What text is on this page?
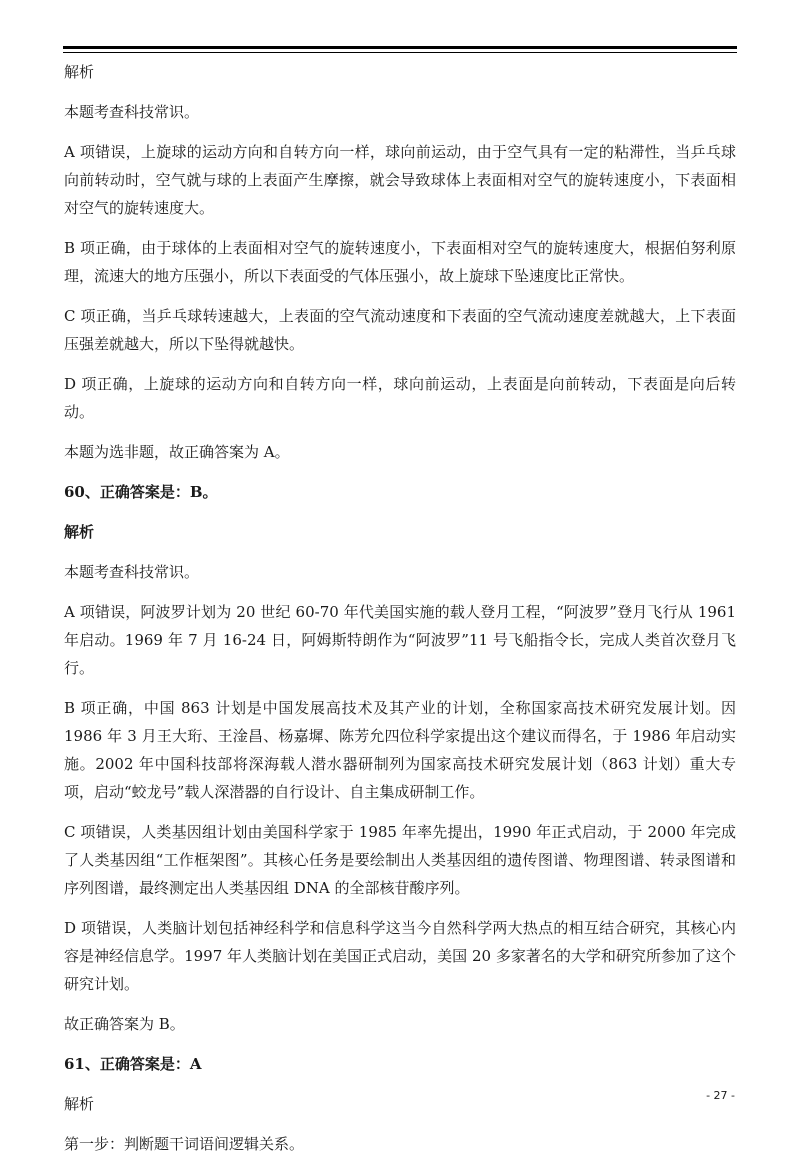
解析

本题考查科技常识。

A 项错误，上旋球的运动方向和自转方向一样，球向前运动，由于空气具有一定的粘滞性，当乒乓球向前转动时，空气就与球的上表面产生摩擦，就会导致球体上表面相对空气的旋转速度小，下表面相对空气的旋转速度大。

B 项正确，由于球体的上表面相对空气的旋转速度小，下表面相对空气的旋转速度大，根据伯努利原理，流速大的地方压强小，所以下表面受的气体压强小，故上旋球下坠速度比正常快。

C 项正确，当乒乓球转速越大，上表面的空气流动速度和下表面的空气流动速度差就越大，上下表面压强差就越大，所以下坠得就越快。

D 项正确，上旋球的运动方向和自转方向一样，球向前运动，上表面是向前转动，下表面是向后转动。

本题为选非题，故正确答案为 A。

60、正确答案是：B。

解析

本题考查科技常识。

A 项错误，阿波罗计划为 20 世纪 60-70 年代美国实施的载人登月工程，“阿波罗”登月飞行从 1961 年启动。1969 年 7 月 16-24 日，阿姆斯特朗作为“阿波罗”11 号飞船指令长，完成人类首次登月飞行。

B 项正确，中国 863 计划是中国发展高技术及其产业的计划，全称国家高技术研究发展计划。因 1986 年 3 月王大珩、王淦昌、杨嘉墀、陈芳允四位科学家提出这个建议而得名，于 1986 年启动实施。2002 年中国科技部将深海载人潜水器研制列为国家高技术研究发展计划（863 计划）重大专项，启动“蛟龙号”载人深潜器的自行设计、自主集成研制工作。

C 项错误，人类基因组计划由美国科学家于 1985 年率先提出，1990 年正式启动，于 2000 年完成了人类基因组“工作框架图”。其核心任务是要绘制出人类基因组的遗传图谱、物理图谱、转录图谱和序列图谱，最终测定出人类基因组 DNA 的全部核苷酸序列。

D 项错误，人类脑计划包括神经科学和信息科学这当今自然科学两大热点的相互结合研究，其核心内容是神经信息学。1997 年人类脑计划在美国正式启动，美国 20 多家著名的大学和研究所参加了这个研究计划。

故正确答案为 B。

61、正确答案是：A

解析

第一步：判断题干词语间逻辑关系。

- 27 -
